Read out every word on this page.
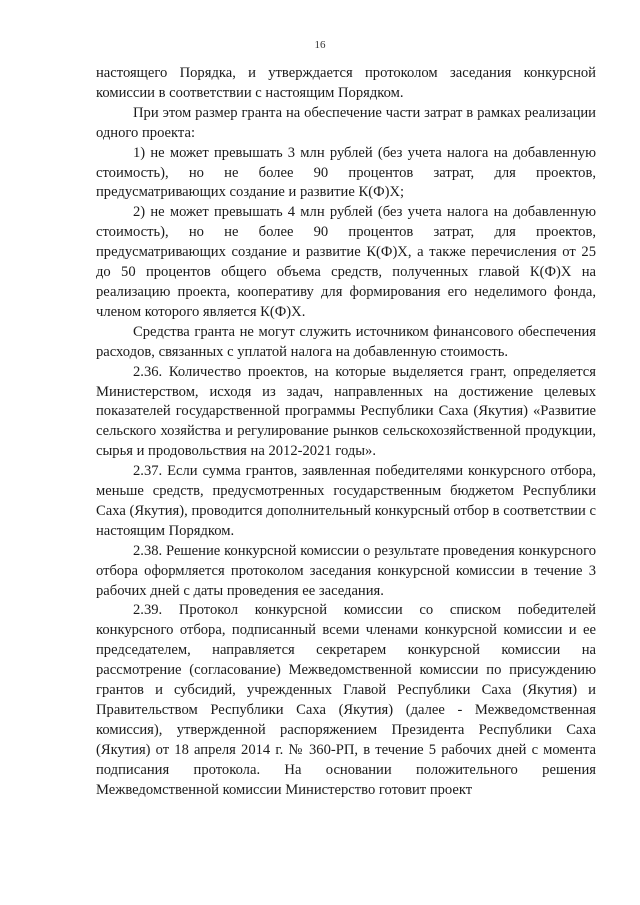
16

настоящего Порядка, и утверждается протоколом заседания конкурсной комиссии в соответствии с настоящим Порядком.

При этом размер гранта на обеспечение части затрат в рамках реализации одного проекта:

1) не может превышать 3 млн рублей (без учета налога на добавленную стоимость), но не более 90 процентов затрат, для проектов, предусматривающих создание и развитие К(Ф)Х;

2) не может превышать 4 млн рублей (без учета налога на добавленную стоимость), но не более 90 процентов затрат, для проектов, предусматривающих создание и развитие К(Ф)Х, а также перечисления от 25 до 50 процентов общего объема средств, полученных главой К(Ф)Х на реализацию проекта, кооперативу для формирования его неделимого фонда, членом которого является К(Ф)Х.

Средства гранта не могут служить источником финансового обеспечения расходов, связанных с уплатой налога на добавленную стоимость.

2.36. Количество проектов, на которые выделяется грант, определяется Министерством, исходя из задач, направленных на достижение целевых показателей государственной программы Республики Саха (Якутия) «Развитие сельского хозяйства и регулирование рынков сельскохозяйственной продукции, сырья и продовольствия на 2012-2021 годы».

2.37. Если сумма грантов, заявленная победителями конкурсного отбора, меньше средств, предусмотренных государственным бюджетом Республики Саха (Якутия), проводится дополнительный конкурсный отбор в соответствии с настоящим Порядком.

2.38. Решение конкурсной комиссии о результате проведения конкурсного отбора оформляется протоколом заседания конкурсной комиссии в течение 3 рабочих дней с даты проведения ее заседания.

2.39. Протокол конкурсной комиссии со списком победителей конкурсного отбора, подписанный всеми членами конкурсной комиссии и ее председателем, направляется секретарем конкурсной комиссии на рассмотрение (согласование) Межведомственной комиссии по присуждению грантов и субсидий, учрежденных Главой Республики Саха (Якутия) и Правительством Республики Саха (Якутия) (далее - Межведомственная комиссия), утвержденной распоряжением Президента Республики Саха (Якутия) от 18 апреля 2014 г. № 360-РП, в течение 5 рабочих дней с момента подписания протокола. На основании положительного решения Межведомственной комиссии Министерство готовит проект
